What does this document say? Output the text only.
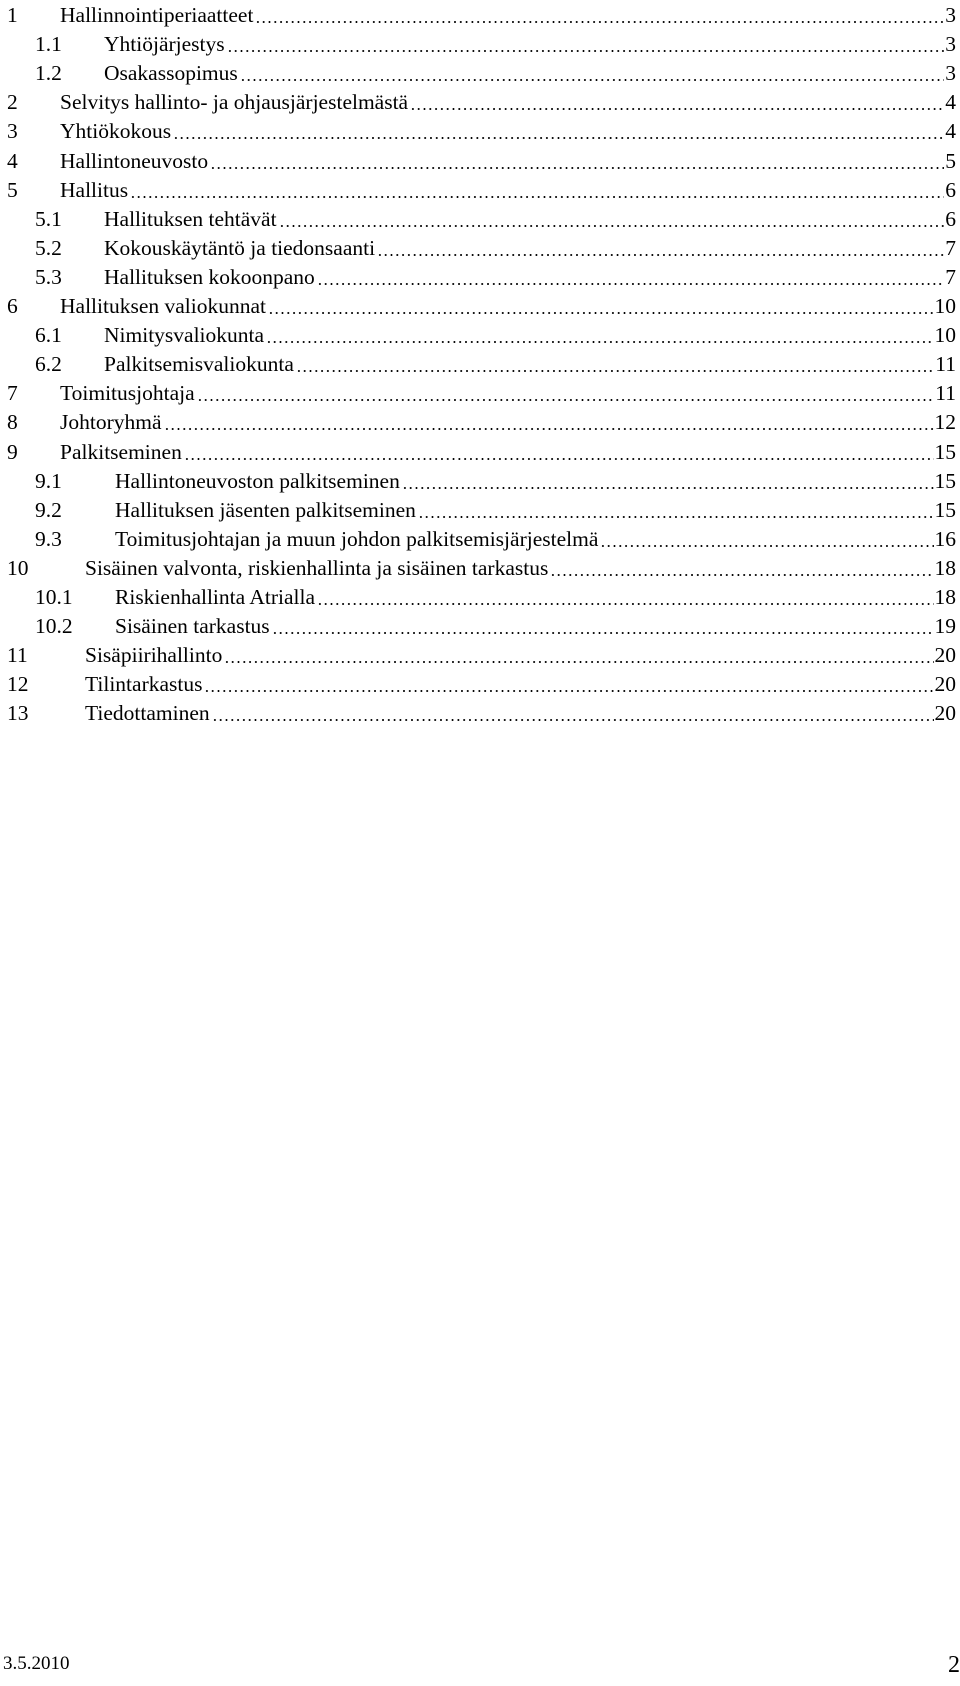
1 Hallinnointiperiaatteet	3
1.1 Yhtiöjärjestys	3
1.2 Osakassopimus	3
2 Selvitys hallinto- ja ohjausjärjestelmästä	4
3 Yhtiökokous	4
4 Hallintoneuvosto	5
5 Hallitus	6
5.1 Hallituksen tehtävät	6
5.2 Kokouskäytäntö ja tiedonsaanti	7
5.3 Hallituksen kokoonpano	7
6 Hallituksen valiokunnat	10
6.1 Nimitysvaliokunta	10
6.2 Palkitsemisvaliokunta	11
7 Toimitusjohtaja	11
8 Johtoryhmä	12
9 Palkitseminen	15
9.1 Hallintoneuvoston palkitseminen	15
9.2 Hallituksen jäsenten palkitseminen	15
9.3 Toimitusjohtajan ja muun johdon palkitsemisjärjestelmä	16
10	Sisäinen valvonta, riskienhallinta ja sisäinen tarkastus	18
10.1 Riskienhallinta Atrialla	18
10.2 Sisäinen tarkastus	19
11	Sisäpiirihallinto	20
12	Tilintarkastus	20
13	Tiedottaminen	20
3.5.2010	2
